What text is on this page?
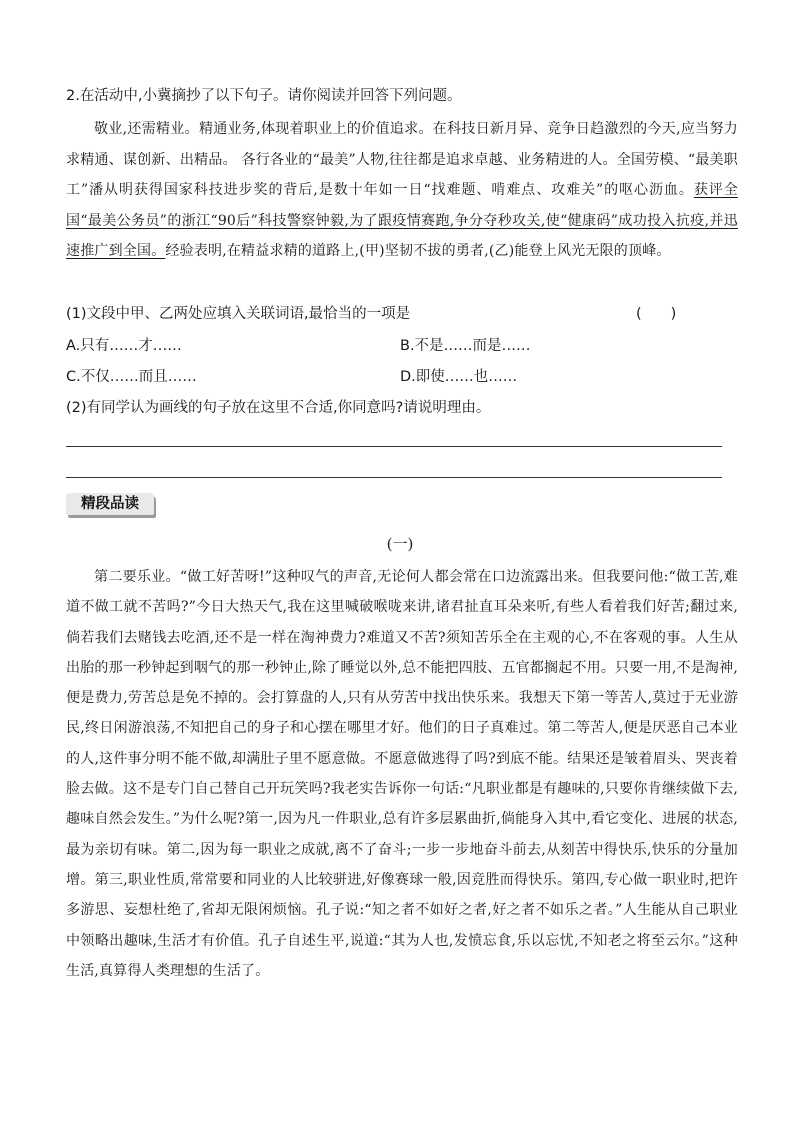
2.在活动中,小冀摘抄了以下句子。请你阅读并回答下列问题。

敬业,还需精业。精通业务,体现着职业上的价值追求。在科技日新月异、竞争日趋激烈的今天,应当努力求精通、谋创新、出精品。 各行各业的“最美”人物,往往都是追求卓越、业务精进的人。全国劳模、“最美职工”潘从明获得国家科技进步奖的背后,是数十年如一日“找难题、啃难点、攻难关”的呕心沥血。获评全国“最美公务员”的浙江“90后”科技警察钟毅,为了跟疫情赛跑,争分夺秒攻关,使“健康码”成功投入抗疫,并迅速推广到全国。经验表明,在精益求精的道路上,(甲)坚韧不拔的勇者,(乙)能登上风光无限的顶峰。

(1)文段中甲、乙两处应填入关联词语,最恰当的一项是	(　　)
A.只有……才……	B.不是……而是……
C.不仅……而且……	D.即使……也……
(2)有同学认为画线的句子放在这里不合适,你同意吗?请说明理由。
精段品读
(一)

第二要乐业。“做工好苦呀!”这种叹气的声音,无论何人都会常在口边流露出来。但我要问他:“做工苦,难道不做工就不苦吗?”今日大热天气,我在这里喊破喉咙来讲,诸君扯直耳朵来听,有些人看着我们好苦;翻过来,倘若我们去赌钱去吃酒,还不是一样在淘神费力?难道又不苦?须知苦乐全在主观的心,不在客观的事。人生从出胎的那一秒钟起到咽气的那一秒钟止,除了睡觉以外,总不能把四肢、五官都搁起不用。只要一用,不是淘神,便是费力,劳苦总是免不掉的。会打算盘的人,只有从劳苦中找出快乐来。我想天下第一等苦人,莫过于无业游民,终日闲游浪荡,不知把自己的身子和心摆在哪里才好。他们的日子真难过。第二等苦人,便是厌恶自己本业的人,这件事分明不能不做,却满肚子里不愿意做。不愿意做逃得了吗?到底不能。结果还是皱着眉头、哭丧着脸去做。这不是专门自己替自己开玩笑吗?我老实告诉你一句话:“凡职业都是有趣味的,只要你肯继续做下去,趣味自然会发生。”为什么呢?第一,因为凡一件职业,总有许多层累曲折,倘能身入其中,看它变化、进展的状态,最为亲切有味。第二,因为每一职业之成就,离不了奋斗;一步一步地奋斗前去,从刻苦中得快乐,快乐的分量加增。第三,职业性质,常常要和同业的人比较骈进,好像赛球一般,因竞胜而得快乐。第四,专心做一职业时,把许多游思、妄想杜绝了,省却无限闲烦恼。孔子说:“知之者不如好之者,好之者不如乐之者。”人生能从自己职业中领略出趣味,生活才有价值。孔子自述生平,说道:“其为人也,发愤忘食,乐以忘忧,不知老之将至云尔。”这种生活,真算得人类理想的生活了。
